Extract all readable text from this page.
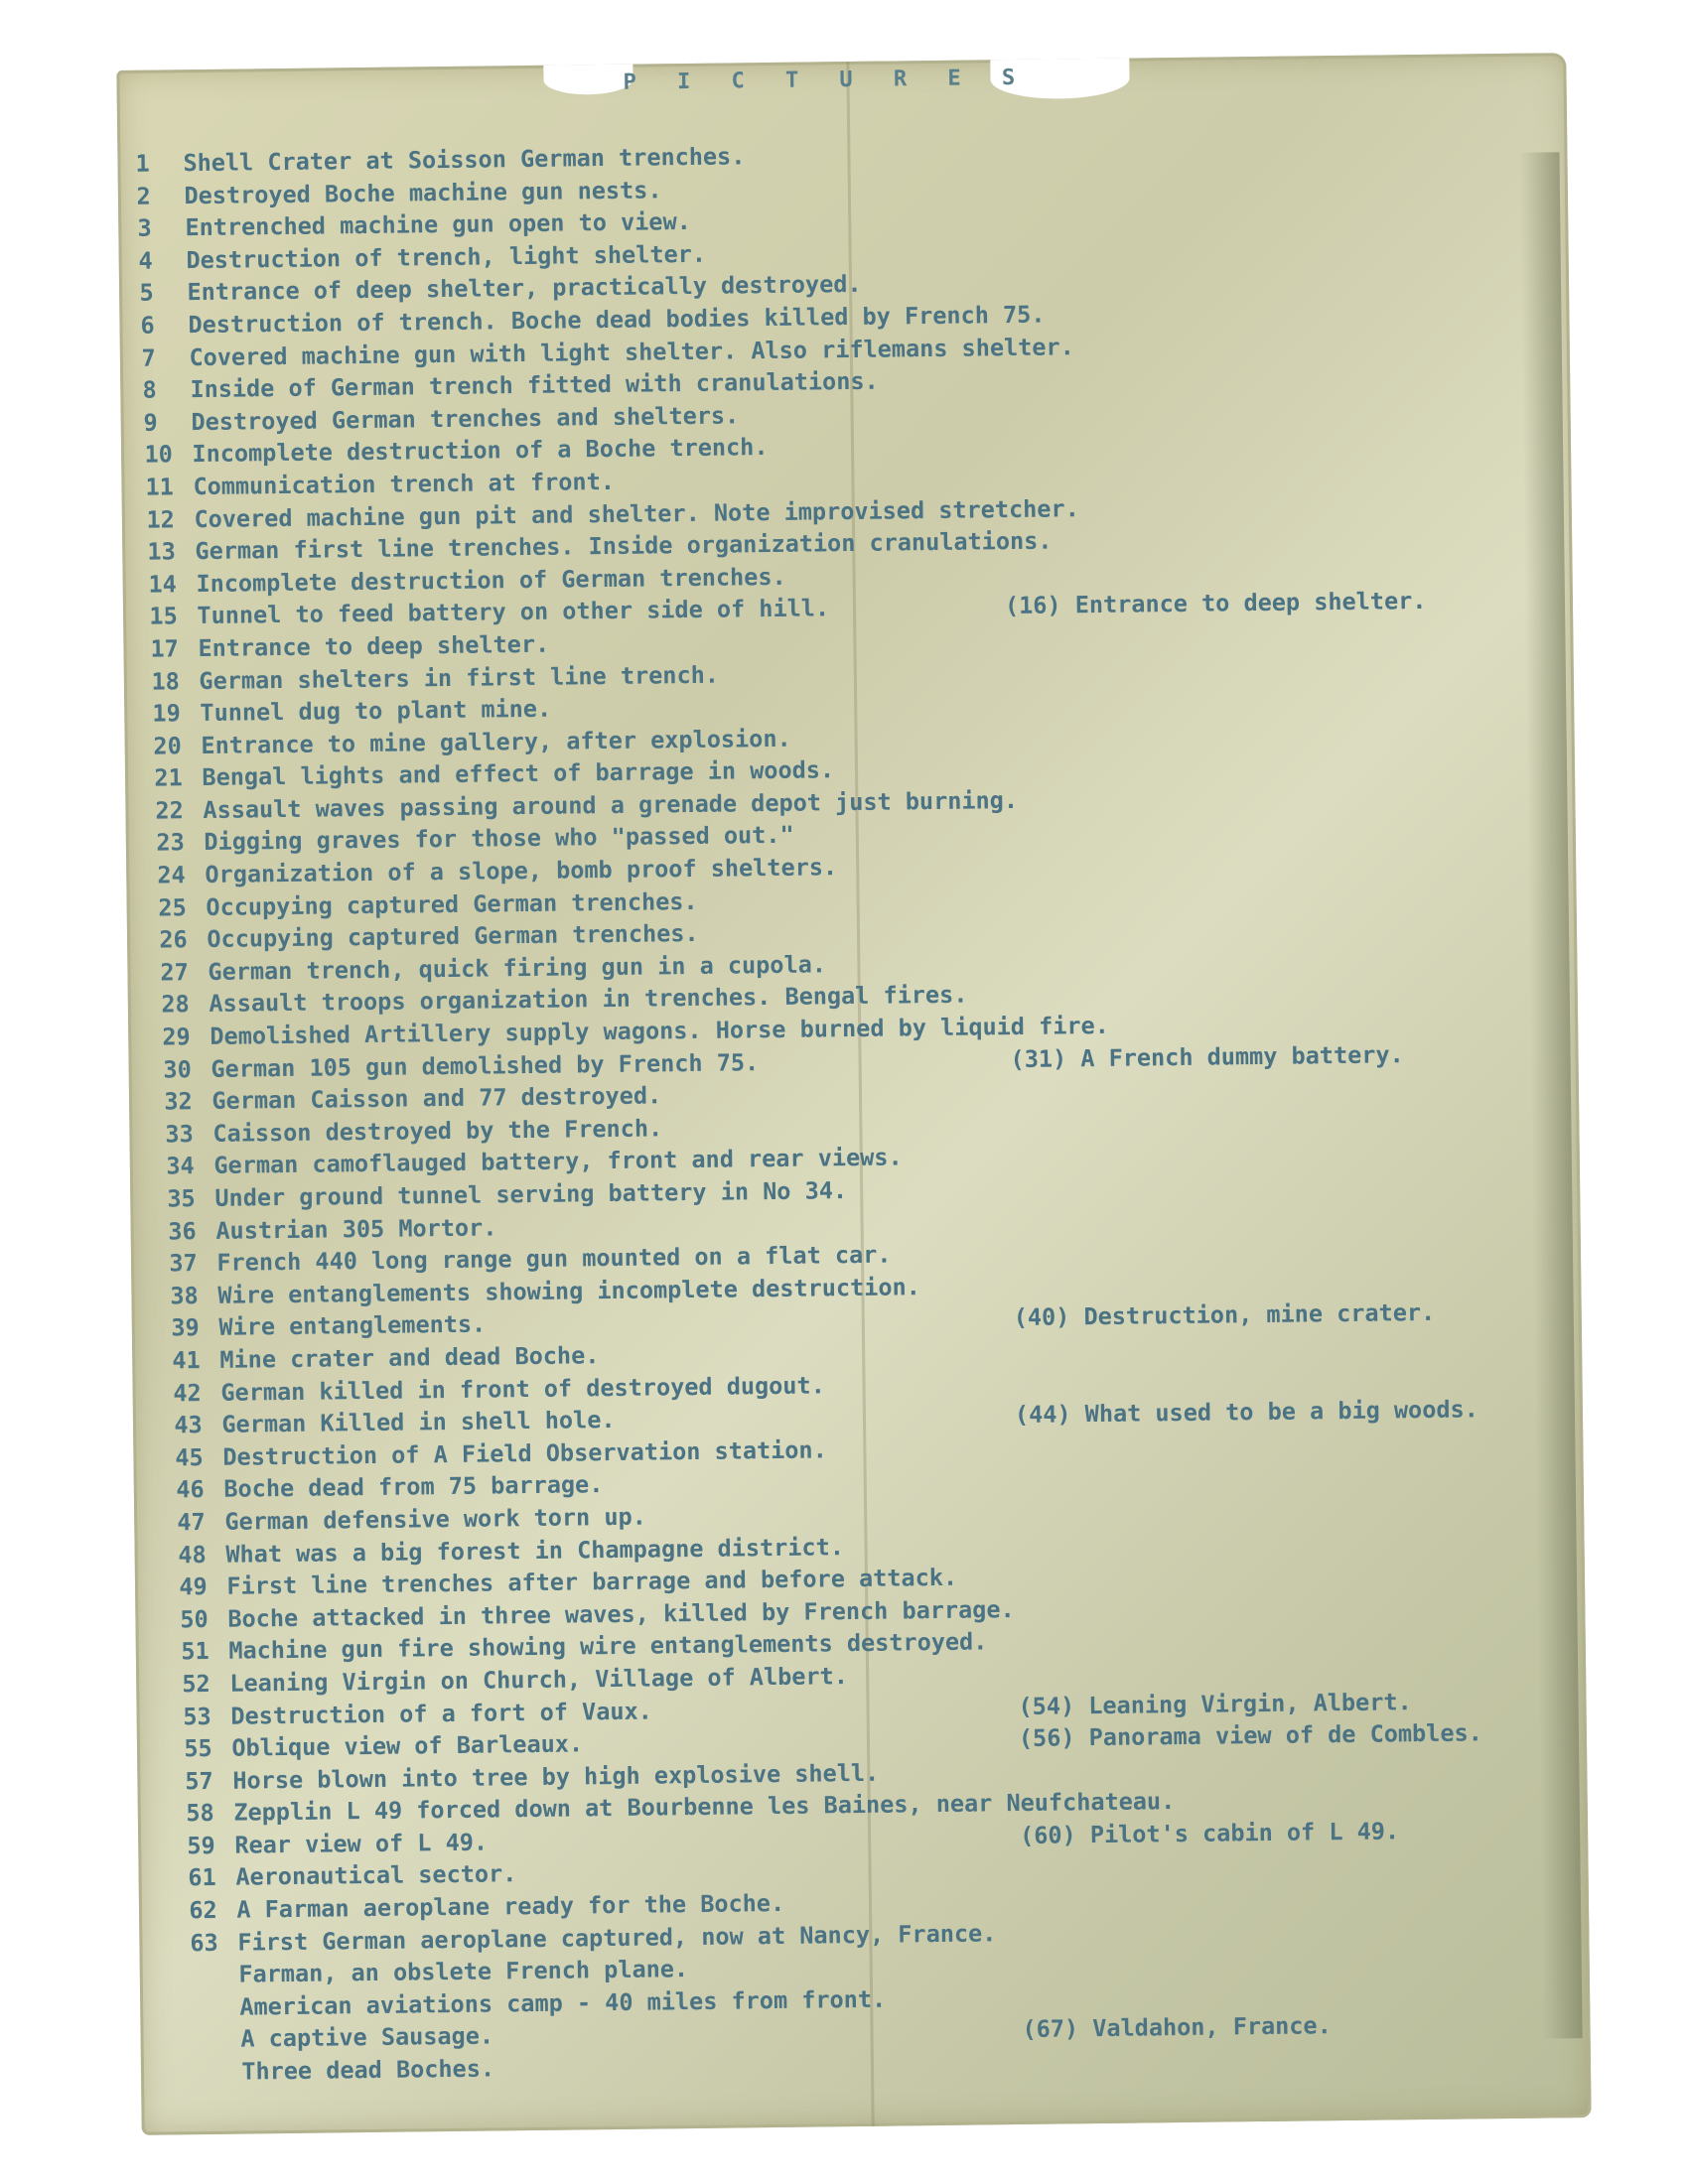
P I C T U R E S
1 Shell Crater at Soisson German trenches.
2 Destroyed Boche machine gun nests.
3 Entrenched machine gun open to view.
4 Destruction of trench, light shelter.
5 Entrance of deep shelter, practically destroyed.
6 Destruction of trench. Boche dead bodies killed by French 75.
7 Covered machine gun with light shelter. Also riflemans shelter.
8 Inside of German trench fitted with cranulations.
9 Destroyed German trenches and shelters.
10 Incomplete destruction of a Boche trench.
11 Communication trench at front.
12 Covered machine gun pit and shelter. Note improvised stretcher.
13 German first line trenches. Inside organization cranulations.
14 Incomplete destruction of German trenches.
15 Tunnel to feed battery on other side of hill.	(16) Entrance to deep shelter.
17 Entrance to deep shelter.
18 German shelters in first line trench.
19 Tunnel dug to plant mine.
20 Entrance to mine gallery, after explosion.
21 Bengal lights and effect of barrage in woods.
22 Assault waves passing around a grenade depot just burning.
23 Digging graves for those who "passed out."
24 Organization of a slope, bomb proof shelters.
25 Occupying captured German trenches.
26 Occupying captured German trenches.
27 German trench, quick firing gun in a cupola.
28 Assault troops organization in trenches. Bengal fires.
29 Demolished Artillery supply wagons. Horse burned by liquid fire.
30 German 105 gun demolished by French 75.	(31) A French dummy battery.
32 German Caisson and 77 destroyed.
33 Caisson destroyed by the French.
34 German camoflauged battery, front and rear views.
35 Under ground tunnel serving battery in No 34.
36 Austrian 305 Mortor.
37 French 440 long range gun mounted on a flat car.
38 Wire entanglements showing incomplete destruction.
39 Wire entanglements.	(40) Destruction, mine crater.
41 Mine crater and dead Boche.
42 German killed in front of destroyed dugout.
43 German Killed in shell hole.	(44) What used to be a big woods.
45 Destruction of A Field Observation station.
46 Boche dead from 75 barrage.
47 German defensive work torn up.
48 What was a big forest in Champagne district.
49 First line trenches after barrage and before attack.
50 Boche attacked in three waves, killed by French barrage.
51 Machine gun fire showing wire entanglements destroyed.
52 Leaning Virgin on Church, Village of Albert.
53 Destruction of a fort of Vaux.	(54) Leaning Virgin, Albert.
55 Oblique view of Barleaux.	(56) Panorama view of de Combles.
57 Horse blown into tree by high explosive shell.
58 Zepplin L 49 forced down at Bourbenne les Baines, near Neufchateau.
59 Rear view of L 49.	(60) Pilot's cabin of L 49.
61 Aeronautical sector.
62 A Farman aeroplane ready for the Boche.
63 First German aeroplane captured, now at Nancy, France.
Farman, an obslete French plane.
American aviations camp - 40 miles from front.
A captive Sausage.	(67) Valdahon, France.
Three dead Boches.
